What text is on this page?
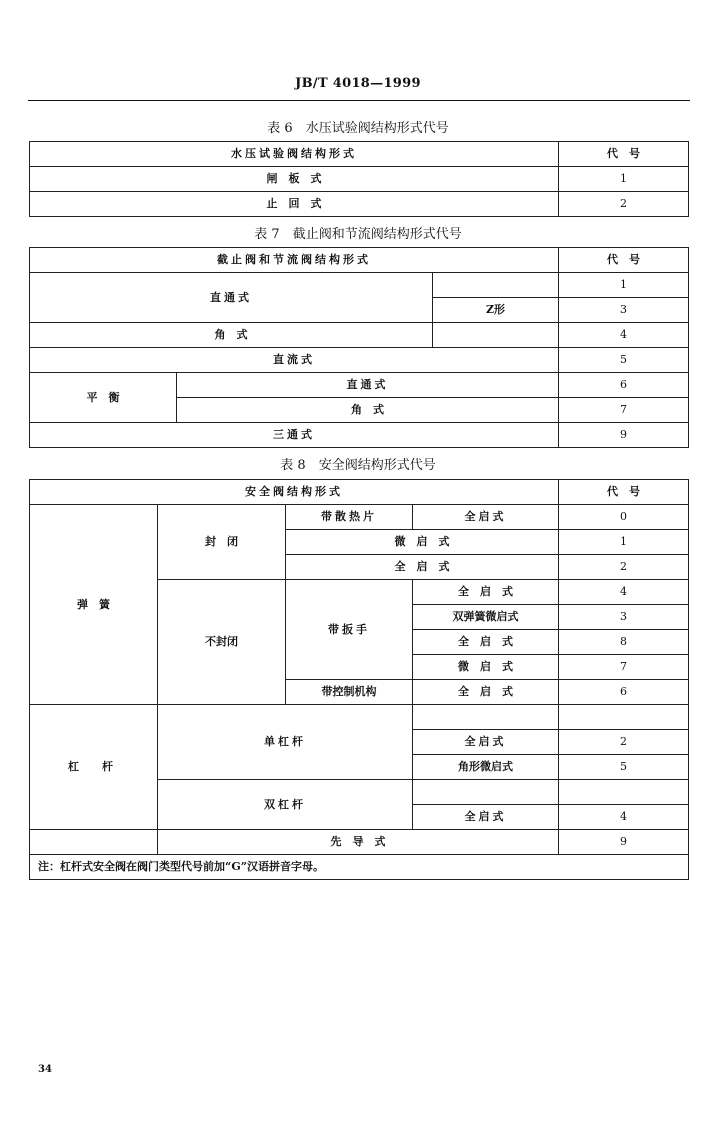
JB/T 4018—1999
表 6　水压试验阀结构形式代号
水压试验阀结构形式	代　号
闸　板　式	1
止　回　式	2
表 7　截止阀和节流阀结构形式代号
截止阀和节流阀结构形式			代　号
直通式			1
		Z形	3
角　式			4
直流式			5
平　衡	直通式		6
	角　式		7
三通式			9
表 8　安全阀结构形式代号
安全阀结构形式				代　号
弹　簧	封　闭	带散热片	全启式	0
		微　启　式		1
		全　启　式		2
	不封闭	带扳手	全　启　式	4
			双弹簧微启式	3
			全　启　式	8
			微　启　式	7
		带控制机构	全　启　式	6
杠　杆	单杠杆			
			全启式	2
			角形微启式	5
	双杠杆			
			全启式	4
	先　导　式			9
注：杠杆式安全阀在阀门类型代号前加“G”汉语拼音字母。				
34
